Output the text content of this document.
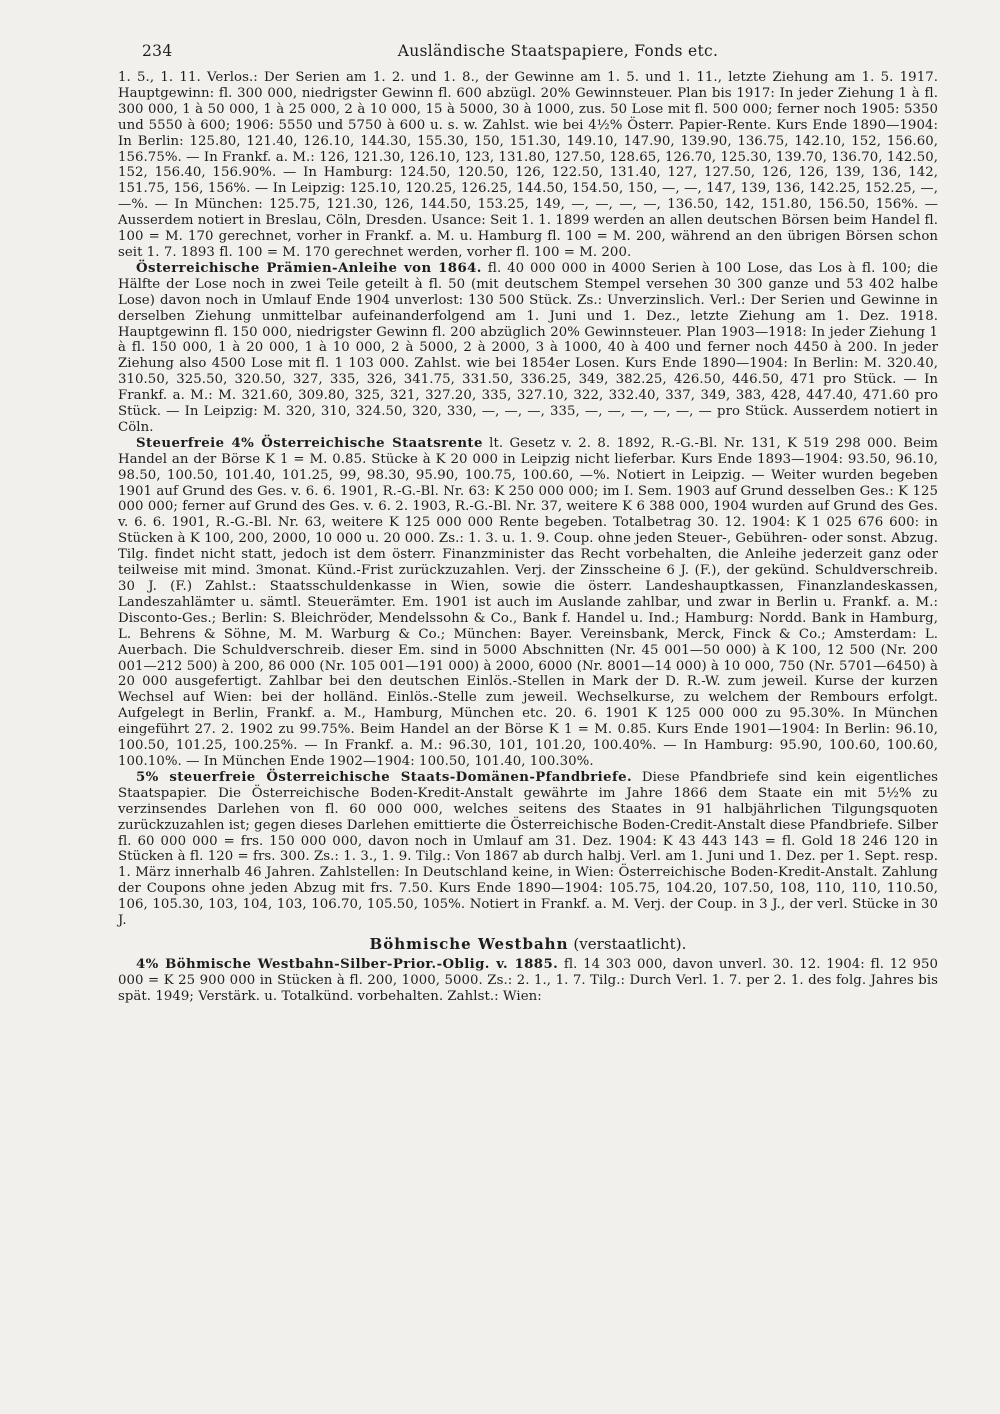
234	Ausländische Staatspapiere, Fonds etc.

1. 5., 1. 11. Verlos.: Der Serien am 1. 2. und 1. 8., der Gewinne am 1. 5. und 1. 11., letzte Ziehung am 1. 5. 1917. Hauptgewinn: fl. 300 000, niedrigster Gewinn fl. 600 abzügl. 20% Gewinnsteuer. Plan bis 1917: In jeder Ziehung 1 à fl. 300 000, 1 à 50 000, 1 à 25 000, 2 à 10 000, 15 à 5000, 30 à 1000, zus. 50 Lose mit fl. 500 000; ferner noch 1905: 5350 und 5550 à 600; 1906: 5550 und 5750 à 600 u. s. w. Zahlst. wie bei 4½% Österr. Papier-Rente. Kurs Ende 1890—1904: In Berlin: 125.80, 121.40, 126.10, 144.30, 155.30, 150, 151.30, 149.10, 147.90, 139.90, 136.75, 142.10, 152, 156.60, 156.75%. — In Frankf. a. M.: 126, 121.30, 126.10, 123, 131.80, 127.50, 128.65, 126.70, 125.30, 139.70, 136.70, 142.50, 152, 156.40, 156.90%. — In Hamburg: 124.50, 120.50, 126, 122.50, 131.40, 127, 127.50, 126, 126, 139, 136, 142, 151.75, 156, 156%. — In Leipzig: 125.10, 120.25, 126.25, 144.50, 154.50, 150, —, —, 147, 139, 136, 142.25, 152.25, —, —%. — In München: 125.75, 121.30, 126, 144.50, 153.25, 149, —, —, —, —, 136.50, 142, 151.80, 156.50, 156%. — Ausserdem notiert in Breslau, Cöln, Dresden. Usance: Seit 1. 1. 1899 werden an allen deutschen Börsen beim Handel fl. 100 = M. 170 gerechnet, vorher in Frankf. a. M. u. Hamburg fl. 100 = M. 200, während an den übrigen Börsen schon seit 1. 7. 1893 fl. 100 = M. 170 gerechnet werden, vorher fl. 100 = M. 200.

Österreichische Prämien-Anleihe von 1864. fl. 40 000 000 in 4000 Serien à 100 Lose, das Los à fl. 100; die Hälfte der Lose noch in zwei Teile geteilt à fl. 50 (mit deutschem Stempel versehen 30 300 ganze und 53 402 halbe Lose) davon noch in Umlauf Ende 1904 unverlost: 130 500 Stück. Zs.: Unverzinslich. Verl.: Der Serien und Gewinne in derselben Ziehung unmittelbar aufeinanderfolgend am 1. Juni und 1. Dez., letzte Ziehung am 1. Dez. 1918. Hauptgewinn fl. 150 000, niedrigster Gewinn fl. 200 abzüglich 20% Gewinnsteuer. Plan 1903—1918: In jeder Ziehung 1 à fl. 150 000, 1 à 20 000, 1 à 10 000, 2 à 5000, 2 à 2000, 3 à 1000, 40 à 400 und ferner noch 4450 à 200. In jeder Ziehung also 4500 Lose mit fl. 1 103 000. Zahlst. wie bei 1854er Losen. Kurs Ende 1890—1904: In Berlin: M. 320.40, 310.50, 325.50, 320.50, 327, 335, 326, 341.75, 331.50, 336.25, 349, 382.25, 426.50, 446.50, 471 pro Stück. — In Frankf. a. M.: M. 321.60, 309.80, 325, 321, 327.20, 335, 327.10, 322, 332.40, 337, 349, 383, 428, 447.40, 471.60 pro Stück. — In Leipzig: M. 320, 310, 324.50, 320, 330, —, —, —, 335, —, —, —, —, —, — pro Stück. Ausserdem notiert in Cöln.

Steuerfreie 4% Österreichische Staatsrente lt. Gesetz v. 2. 8. 1892, R.-G.-Bl. Nr. 131, K 519 298 000. Beim Handel an der Börse K 1 = M. 0.85. Stücke à K 20 000 in Leipzig nicht lieferbar. Kurs Ende 1893—1904: 93.50, 96.10, 98.50, 100.50, 101.40, 101.25, 99, 98.30, 95.90, 100.75, 100.60, —%. Notiert in Leipzig. — Weiter wurden begeben 1901 auf Grund des Ges. v. 6. 6. 1901, R.-G.-Bl. Nr. 63: K 250 000 000; im I. Sem. 1903 auf Grund desselben Ges.: K 125 000 000; ferner auf Grund des Ges. v. 6. 2. 1903, R.-G.-Bl. Nr. 37, weitere K 6 388 000, 1904 wurden auf Grund des Ges. v. 6. 6. 1901, R.-G.-Bl. Nr. 63, weitere K 125 000 000 Rente begeben. Totalbetrag 30. 12. 1904: K 1 025 676 600: in Stücken à K 100, 200, 2000, 10 000 u. 20 000. Zs.: 1. 3. u. 1. 9. Coup. ohne jeden Steuer-, Gebühren- oder sonst. Abzug. Tilg. findet nicht statt, jedoch ist dem österr. Finanzminister das Recht vorbehalten, die Anleihe jederzeit ganz oder teilweise mit mind. 3monat. Künd.-Frist zurückzuzahlen. Verj. der Zinsscheine 6 J. (F.), der gekünd. Schuldverschreib. 30 J. (F.) Zahlst.: Staatsschuldenkasse in Wien, sowie die österr. Landeshauptkassen, Finanzlandeskassen, Landeszahlämter u. sämtl. Steuerämter. Em. 1901 ist auch im Auslande zahlbar, und zwar in Berlin u. Frankf. a. M.: Disconto-Ges.; Berlin: S. Bleichröder, Mendelssohn & Co., Bank f. Handel u. Ind.; Hamburg: Nordd. Bank in Hamburg, L. Behrens & Söhne, M. M. Warburg & Co.; München: Bayer. Vereinsbank, Merck, Finck & Co.; Amsterdam: L. Auerbach. Die Schuldverschreib. dieser Em. sind in 5000 Abschnitten (Nr. 45 001—50 000) à K 100, 12 500 (Nr. 200 001—212 500) à 200, 86 000 (Nr. 105 001—191 000) à 2000, 6000 (Nr. 8001—14 000) à 10 000, 750 (Nr. 5701—6450) à 20 000 ausgefertigt. Zahlbar bei den deutschen Einlös.-Stellen in Mark der D. R.-W. zum jeweil. Kurse der kurzen Wechsel auf Wien: bei der holländ. Einlös.-Stelle zum jeweil. Wechselkurse, zu welchem der Rembours erfolgt. Aufgelegt in Berlin, Frankf. a. M., Hamburg, München etc. 20. 6. 1901 K 125 000 000 zu 95.30%. In München eingeführt 27. 2. 1902 zu 99.75%. Beim Handel an der Börse K 1 = M. 0.85. Kurs Ende 1901—1904: In Berlin: 96.10, 100.50, 101.25, 100.25%. — In Frankf. a. M.: 96.30, 101, 101.20, 100.40%. — In Hamburg: 95.90, 100.60, 100.60, 100.10%. — In München Ende 1902—1904: 100.50, 101.40, 100.30%.

5% steuerfreie Österreichische Staats-Domänen-Pfandbriefe. Diese Pfandbriefe sind kein eigentliches Staatspapier. Die Österreichische Boden-Kredit-Anstalt gewährte im Jahre 1866 dem Staate ein mit 5½% zu verzinsendes Darlehen von fl. 60 000 000, welches seitens des Staates in 91 halbjährlichen Tilgungsquoten zurückzuzahlen ist; gegen dieses Darlehen emittierte die Österreichische Boden-Credit-Anstalt diese Pfandbriefe. Silber fl. 60 000 000 = frs. 150 000 000, davon noch in Umlauf am 31. Dez. 1904: K 43 443 143 = fl. Gold 18 246 120 in Stücken à fl. 120 = frs. 300. Zs.: 1. 3., 1. 9. Tilg.: Von 1867 ab durch halbj. Verl. am 1. Juni und 1. Dez. per 1. Sept. resp. 1. März innerhalb 46 Jahren. Zahlstellen: In Deutschland keine, in Wien: Österreichische Boden-Kredit-Anstalt. Zahlung der Coupons ohne jeden Abzug mit frs. 7.50. Kurs Ende 1890—1904: 105.75, 104.20, 107.50, 108, 110, 110, 110.50, 106, 105.30, 103, 104, 103, 106.70, 105.50, 105%. Notiert in Frankf. a. M. Verj. der Coup. in 3 J., der verl. Stücke in 30 J.

Böhmische Westbahn (verstaatlicht).

4% Böhmische Westbahn-Silber-Prior.-Oblig. v. 1885. fl. 14 303 000, davon unverl. 30. 12. 1904: fl. 12 950 000 = K 25 900 000 in Stücken à fl. 200, 1000, 5000. Zs.: 2. 1., 1. 7. Tilg.: Durch Verl. 1. 7. per 2. 1. des folg. Jahres bis spät. 1949; Verstärk. u. Totalkünd. vorbehalten. Zahlst.: Wien:
